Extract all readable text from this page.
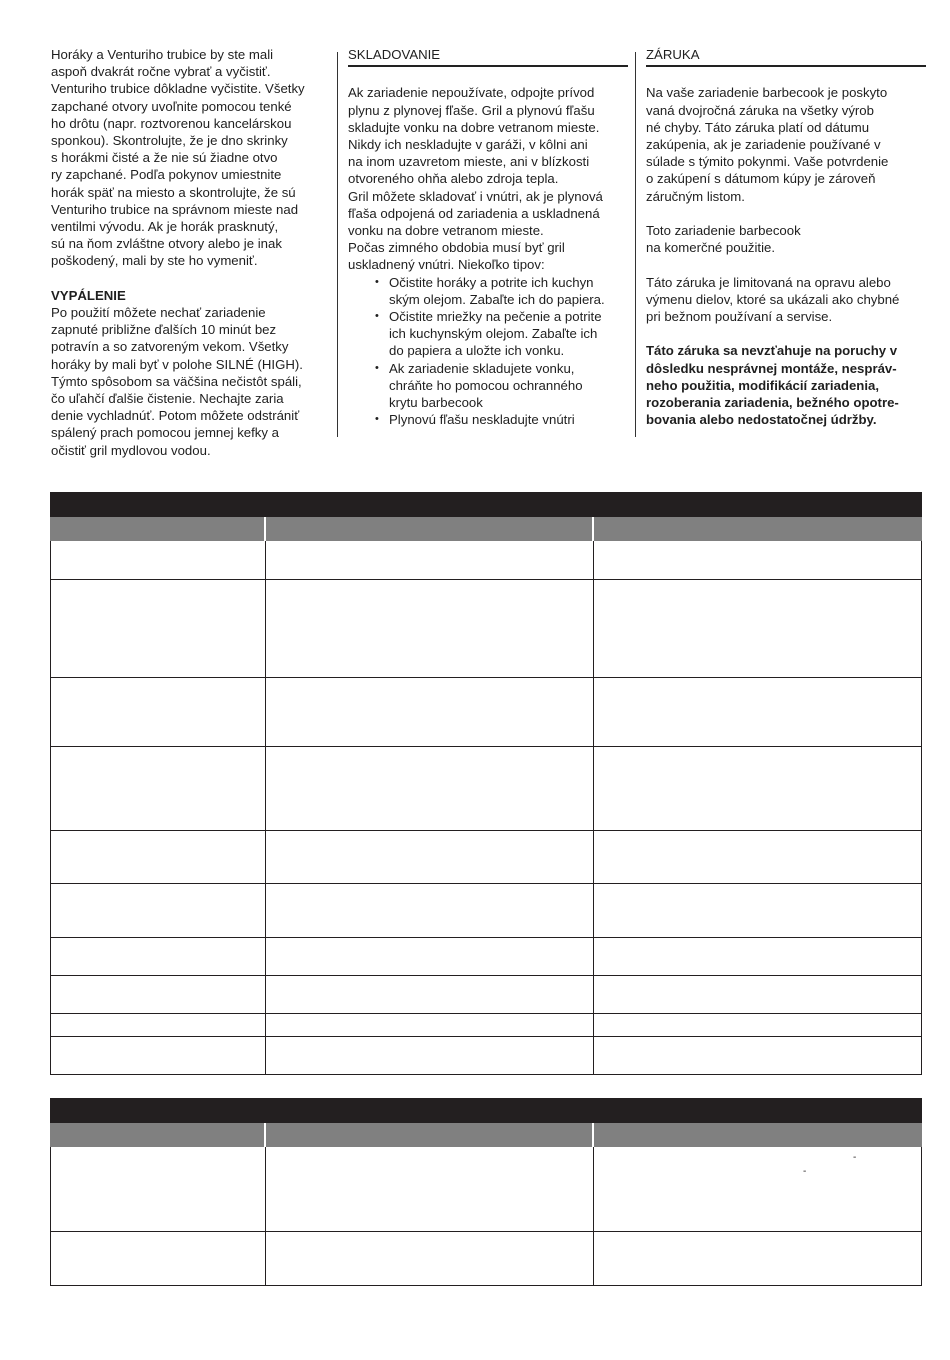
Horáky a Venturiho trubice by ste mali
aspoň dvakrát ročne vybrať a vyčistiť.
Venturiho trubice dôkladne vyčistite. Všetky
zapchané otvory uvoľnite pomocou tenké
ho drôtu (napr. roztvorenou kancelárskou
sponkou). Skontrolujte, že je dno skrinky
s horákmi čisté a že nie sú žiadne otvo
ry zapchané. Podľa pokynov umiestnite
horák späť na miesto a skontrolujte, že sú
Venturiho trubice na správnom mieste nad
ventilmi vývodu. Ak je horák prasknutý,
sú na ňom zvláštne otvory alebo je inak
poškodený, mali by ste ho vymeniť.
VYPÁLENIE
Po použití môžete nechať zariadenie
zapnuté približne ďalších 10 minút bez
potravín a so zatvoreným vekom. Všetky
horáky by mali byť v polohe SILNÉ (HIGH).
Týmto spôsobom sa väčšina nečistôt spáli,
čo uľahčí ďalšie čistenie. Nechajte zaria
denie vychladnúť. Potom môžete odstrániť
spálený prach pomocou jemnej kefky a
očistiť gril mydlovou vodou.
SKLADOVANIE
Ak zariadenie nepoužívate, odpojte prívod
plynu z plynovej fľaše. Gril a plynovú fľašu
skladujte vonku na dobre vetranom mieste.
Nikdy ich neskladujte v garáži, v kôlni ani
na inom uzavretom mieste, ani v blízkosti
otvoreného ohňa alebo zdroja tepla.
Gril môžete skladovať i vnútri, ak je plynová
fľaša odpojená od zariadenia a uskladnená
vonku na dobre vetranom mieste.
Počas zimného obdobia musí byť gril
uskladnený vnútri. Niekoľko tipov:
• Očistite horáky a potrite ich kuchyn
ským olejom. Zabaľte ich do papiera.
• Očistite mriežky na pečenie a potrite
ich kuchynským olejom. Zabaľte ich
do papiera a uložte ich vonku.
• Ak zariadenie skladujete vonku,
chráňte ho pomocou ochranného
krytu barbecook
• Plynovú fľašu neskladujte vnútri
ZÁRUKA
Na vaše zariadenie barbecook je poskyto
vaná dvojročná záruka na všetky výrob
né chyby. Táto záruka platí od dátumu
zakúpenia, ak je zariadenie používané v
súlade s týmito pokynmi. Vaše potvrdenie
o zakúpení s dátumom kúpy je zároveň
záručným listom.
Toto zariadenie barbecook
na komerčné použitie.
Táto záruka je limitovaná na opravu alebo
výmenu dielov, ktoré sa ukázali ako chybné
pri bežnom používaní a servise.
Táto záruka sa nevzťahuje na poruchy v
dôsledku nesprávnej montáže, nespráv-
neho použitia, modifikácií zariadenia,
rozoberania zariadenia, bežného opotre-
bovania alebo nedostatočnej údržby.
-
-
